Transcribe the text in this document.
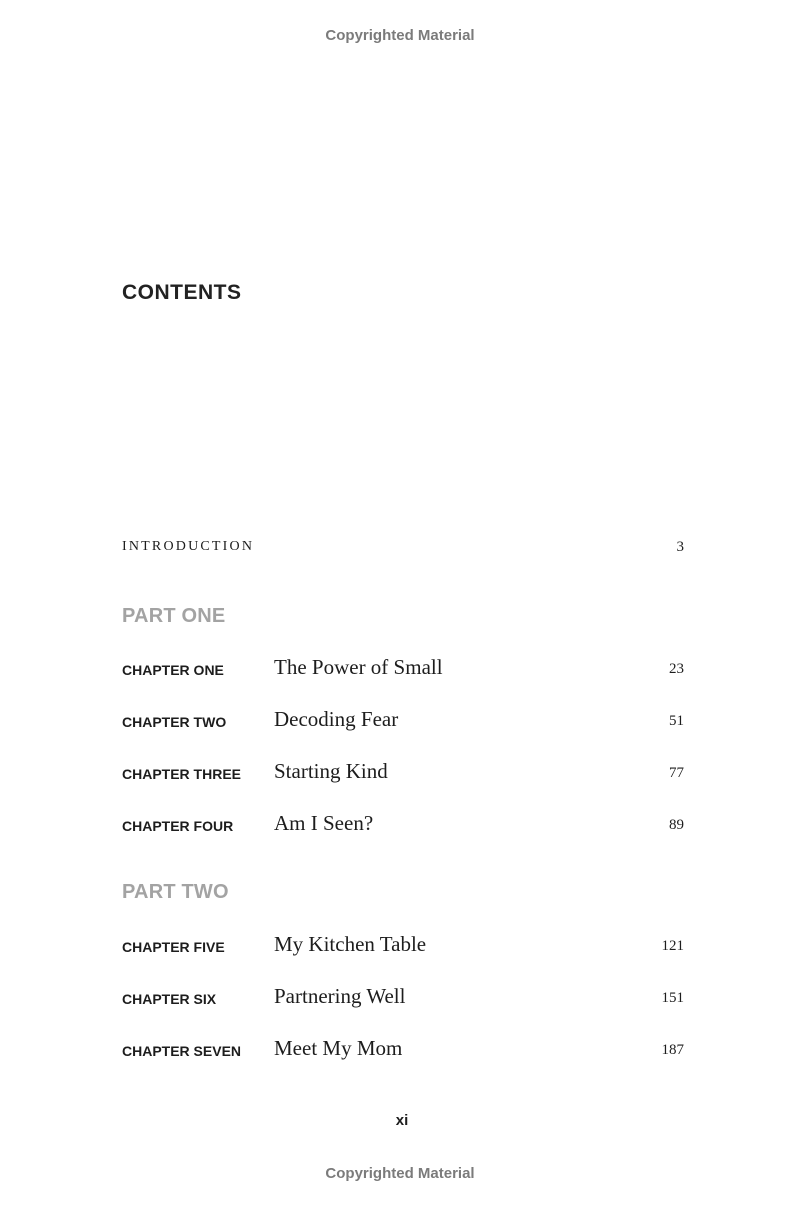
Copyrighted Material
CONTENTS
INTRODUCTION	3
PART ONE
CHAPTER ONE The Power of Small	23
CHAPTER TWO Decoding Fear	51
CHAPTER THREE Starting Kind	77
CHAPTER FOUR Am I Seen?	89
PART TWO
CHAPTER FIVE My Kitchen Table	121
CHAPTER SIX	Partnering Well	151
CHAPTER SEVEN Meet My Mom	187
xi
Copyrighted Material
